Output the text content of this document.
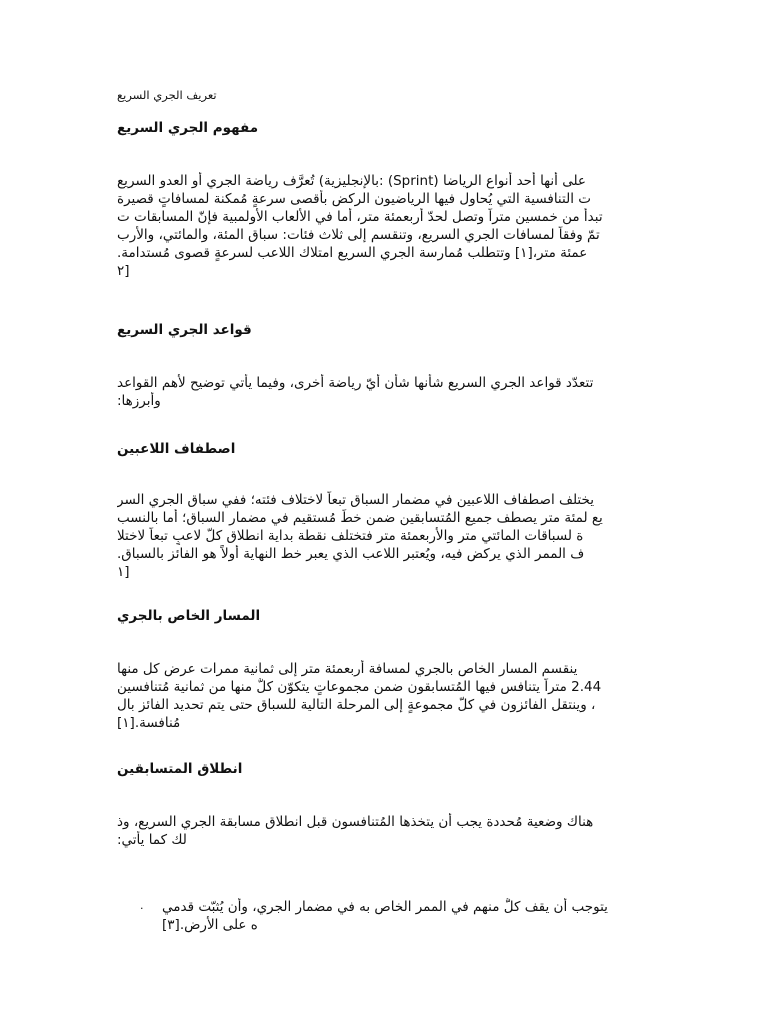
تعريف الجري السريع
مفهوم الجري السريع
على أنها أحد أنواع الرياضا (Sprint) :بالإنجليزية) تُعرَّف رياضة الجري أو العدو السريع
ت التنافسية التي يُحاول فيها الرياضيون الركض بأقصى سرعةٍ مُمكنة لمسافاتٍ قصيرة
تبدأ من خمسين متراً وتصل لحدّ أربعمئة متر، أما في الألعاب الأولمبية فإنّ المسابقات ت
تمّ وفقاً لمسافات الجري السريع، وتنقسم إلى ثلاث فئات: سباق المئة، والمائتي، والأرب
عمئة متر،[١] وتتطلب مُمارسة الجري السريع امتلاك اللاعب لسرعةٍ قصوى مُستدامة.
[٢
قواعد الجري السريع
تتعدّد قواعد الجري السريع شأنها شأن أيّ رياضة أخرى، وفيما يأتي توضيح لأهم القواعد
وأبرزها:
اصطفاف اللاعبين
يختلف اصطفاف اللاعبين في مضمار السباق تبعاً لاختلاف فئته؛ ففي سباق الجري السر
يع لمئة متر يصطف جميع المُتسابقين ضمن خطٍّ مُستقيم في مضمار السباق؛ أما بالنسب
ة لسباقات المائتي متر والأربعمئة متر فتختلف نقطة بداية انطلاق كلّ لاعبٍ تبعاً لاختلا
ف الممر الذي يركض فيه، ويُعتبر اللاعب الذي يعبر خط النهاية أولاً هو الفائز بالسباق.
[١
المسار الخاص بالجري
ينقسم المسار الخاص بالجري لمسافة أربعمئة متر إلى ثمانية ممرات عرض كل منها
2.44 متراً يتنافس فيها المُتسابقون ضمن مجموعاتٍ يتكوّن كلٌّ منها من ثمانية مُتنافسين
، وينتقل الفائزون في كلّ مجموعةٍ إلى المرحلة التالية للسباق حتى يتم تحديد الفائز بال
مُنافسة.[١]
انطلاق المتسابقين
هناك وضعية مُحددة يجب أن يتخذها المُتنافسون قبل انطلاق مسابقة الجري السريع، وذ
لك كما يأتي:
· يتوجب أن يقف كلٌّ منهم في الممر الخاص به في مضمار الجري، وأن يُثبّت قدمي
ه على الأرض.[٣]
